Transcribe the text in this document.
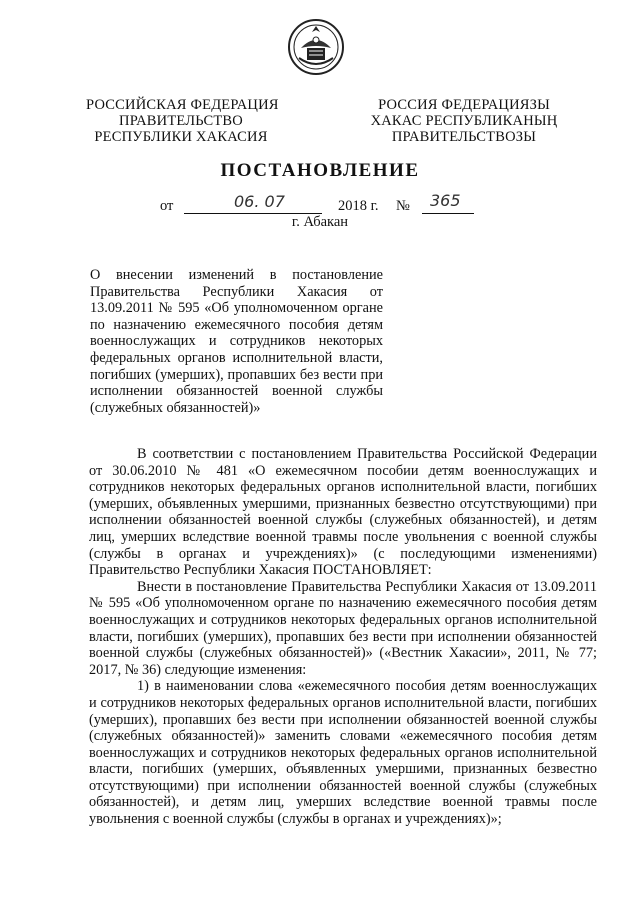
РОССИЙСКАЯ ФЕДЕРАЦИЯ
ПРАВИТЕЛЬСТВО
РЕСПУБЛИКИ ХАКАСИЯ
РОССИЯ ФЕДЕРАЦИЯЗЫ
ХАКАС РЕСПУБЛИКАНЫҢ
ПРАВИТЕЛЬСТВОЗЫ
ПОСТАНОВЛЕНИЕ
от	06. 07	2018 г. № 365
г. Абакан
О внесении изменений в постановление Правительства Республики Хакасия от 13.09.2011 № 595 «Об уполномоченном органе по назначению ежемесячного пособия детям военнослужащих и сотрудников некоторых федеральных органов исполнительной власти, погибших (умерших), пропавших без вести при исполнении обязанностей военной службы (служебных обязанностей)»

В соответствии с постановлением Правительства Российской Федерации от 30.06.2010 № 481 «О ежемесячном пособии детям военнослужащих и сотрудников некоторых федеральных органов исполнительной власти, погибших (умерших, объявленных умершими, признанных безвестно отсутствующими) при исполнении обязанностей военной службы (служебных обязанностей), и детям лиц, умерших вследствие военной травмы после увольнения с военной службы (службы в органах и учреждениях)» (с последующими изменениями) Правительство Республики Хакасия ПОСТАНОВЛЯЕТ:

Внести в постановление Правительства Республики Хакасия от 13.09.2011 № 595 «Об уполномоченном органе по назначению ежемесячного пособия детям военнослужащих и сотрудников некоторых федеральных органов исполнительной власти, погибших (умерших), пропавших без вести при исполнении обязанностей военной службы (служебных обязанностей)» («Вестник Хакасии», 2011, № 77; 2017, № 36) следующие изменения:

1) в наименовании слова «ежемесячного пособия детям военнослужащих и сотрудников некоторых федеральных органов исполнительной власти, погибших (умерших), пропавших без вести при исполнении обязанностей военной службы (служебных обязанностей)» заменить словами «ежемесячного пособия детям военнослужащих и сотрудников некоторых федеральных органов исполнительной власти, погибших (умерших, объявленных умершими, признанных безвестно отсутствующими) при исполнении обязанностей военной службы (служебных обязанностей), и детям лиц, умерших вследствие военной травмы после увольнения с военной службы (службы в органах и учреждениях)»;
